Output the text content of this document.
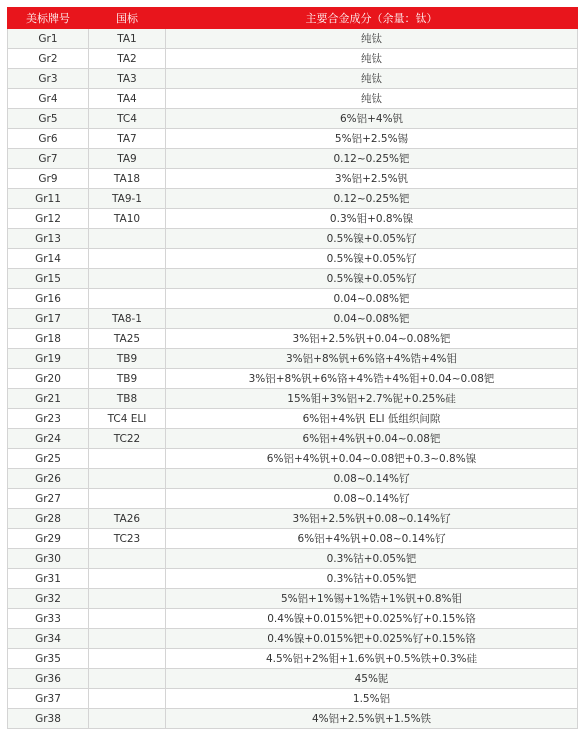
美标牌号	国标	主要合金成分（余量：钛）
Gr1	TA1	纯钛
Gr2	TA2	纯钛
Gr3	TA3	纯钛
Gr4	TA4	纯钛
Gr5	TC4	6%铝+4%钒
Gr6	TA7	5%铝+2.5%锡
Gr7	TA9	0.12~0.25%钯
Gr9	TA18	3%铝+2.5%钒
Gr11	TA9-1	0.12~0.25%钯
Gr12	TA10	0.3%钼+0.8%镍
Gr13		0.5%镍+0.05%钌
Gr14		0.5%镍+0.05%钌
Gr15		0.5%镍+0.05%钌
Gr16		0.04~0.08%钯
Gr17	TA8-1	0.04~0.08%钯
Gr18	TA25	3%铝+2.5%钒+0.04~0.08%钯
Gr19	TB9	3%铝+8%钒+6%铬+4%锆+4%钼
Gr20	TB9	3%铝+8%钒+6%铬+4%锆+4%钼+0.04~0.08钯
Gr21	TB8	15%钼+3%铝+2.7%铌+0.25%硅
Gr23	TC4 ELI	6%铝+4%钒 ELI 低组织间隙
Gr24	TC22	6%铝+4%钒+0.04~0.08钯
Gr25		6%铝+4%钒+0.04~0.08钯+0.3~0.8%镍
Gr26		0.08~0.14%钌
Gr27		0.08~0.14%钌
Gr28	TA26	3%铝+2.5%钒+0.08~0.14%钌
Gr29	TC23	6%铝+4%钒+0.08~0.14%钌
Gr30		0.3%钴+0.05%钯
Gr31		0.3%钴+0.05%钯
Gr32		5%铝+1%锡+1%锆+1%钒+0.8%钼
Gr33		0.4%镍+0.015%钯+0.025%钌+0.15%铬
Gr34		0.4%镍+0.015%钯+0.025%钌+0.15%铬
Gr35		4.5%铝+2%钼+1.6%钒+0.5%铁+0.3%硅
Gr36		45%铌
Gr37		1.5%铝
Gr38		4%铝+2.5%钒+1.5%铁
